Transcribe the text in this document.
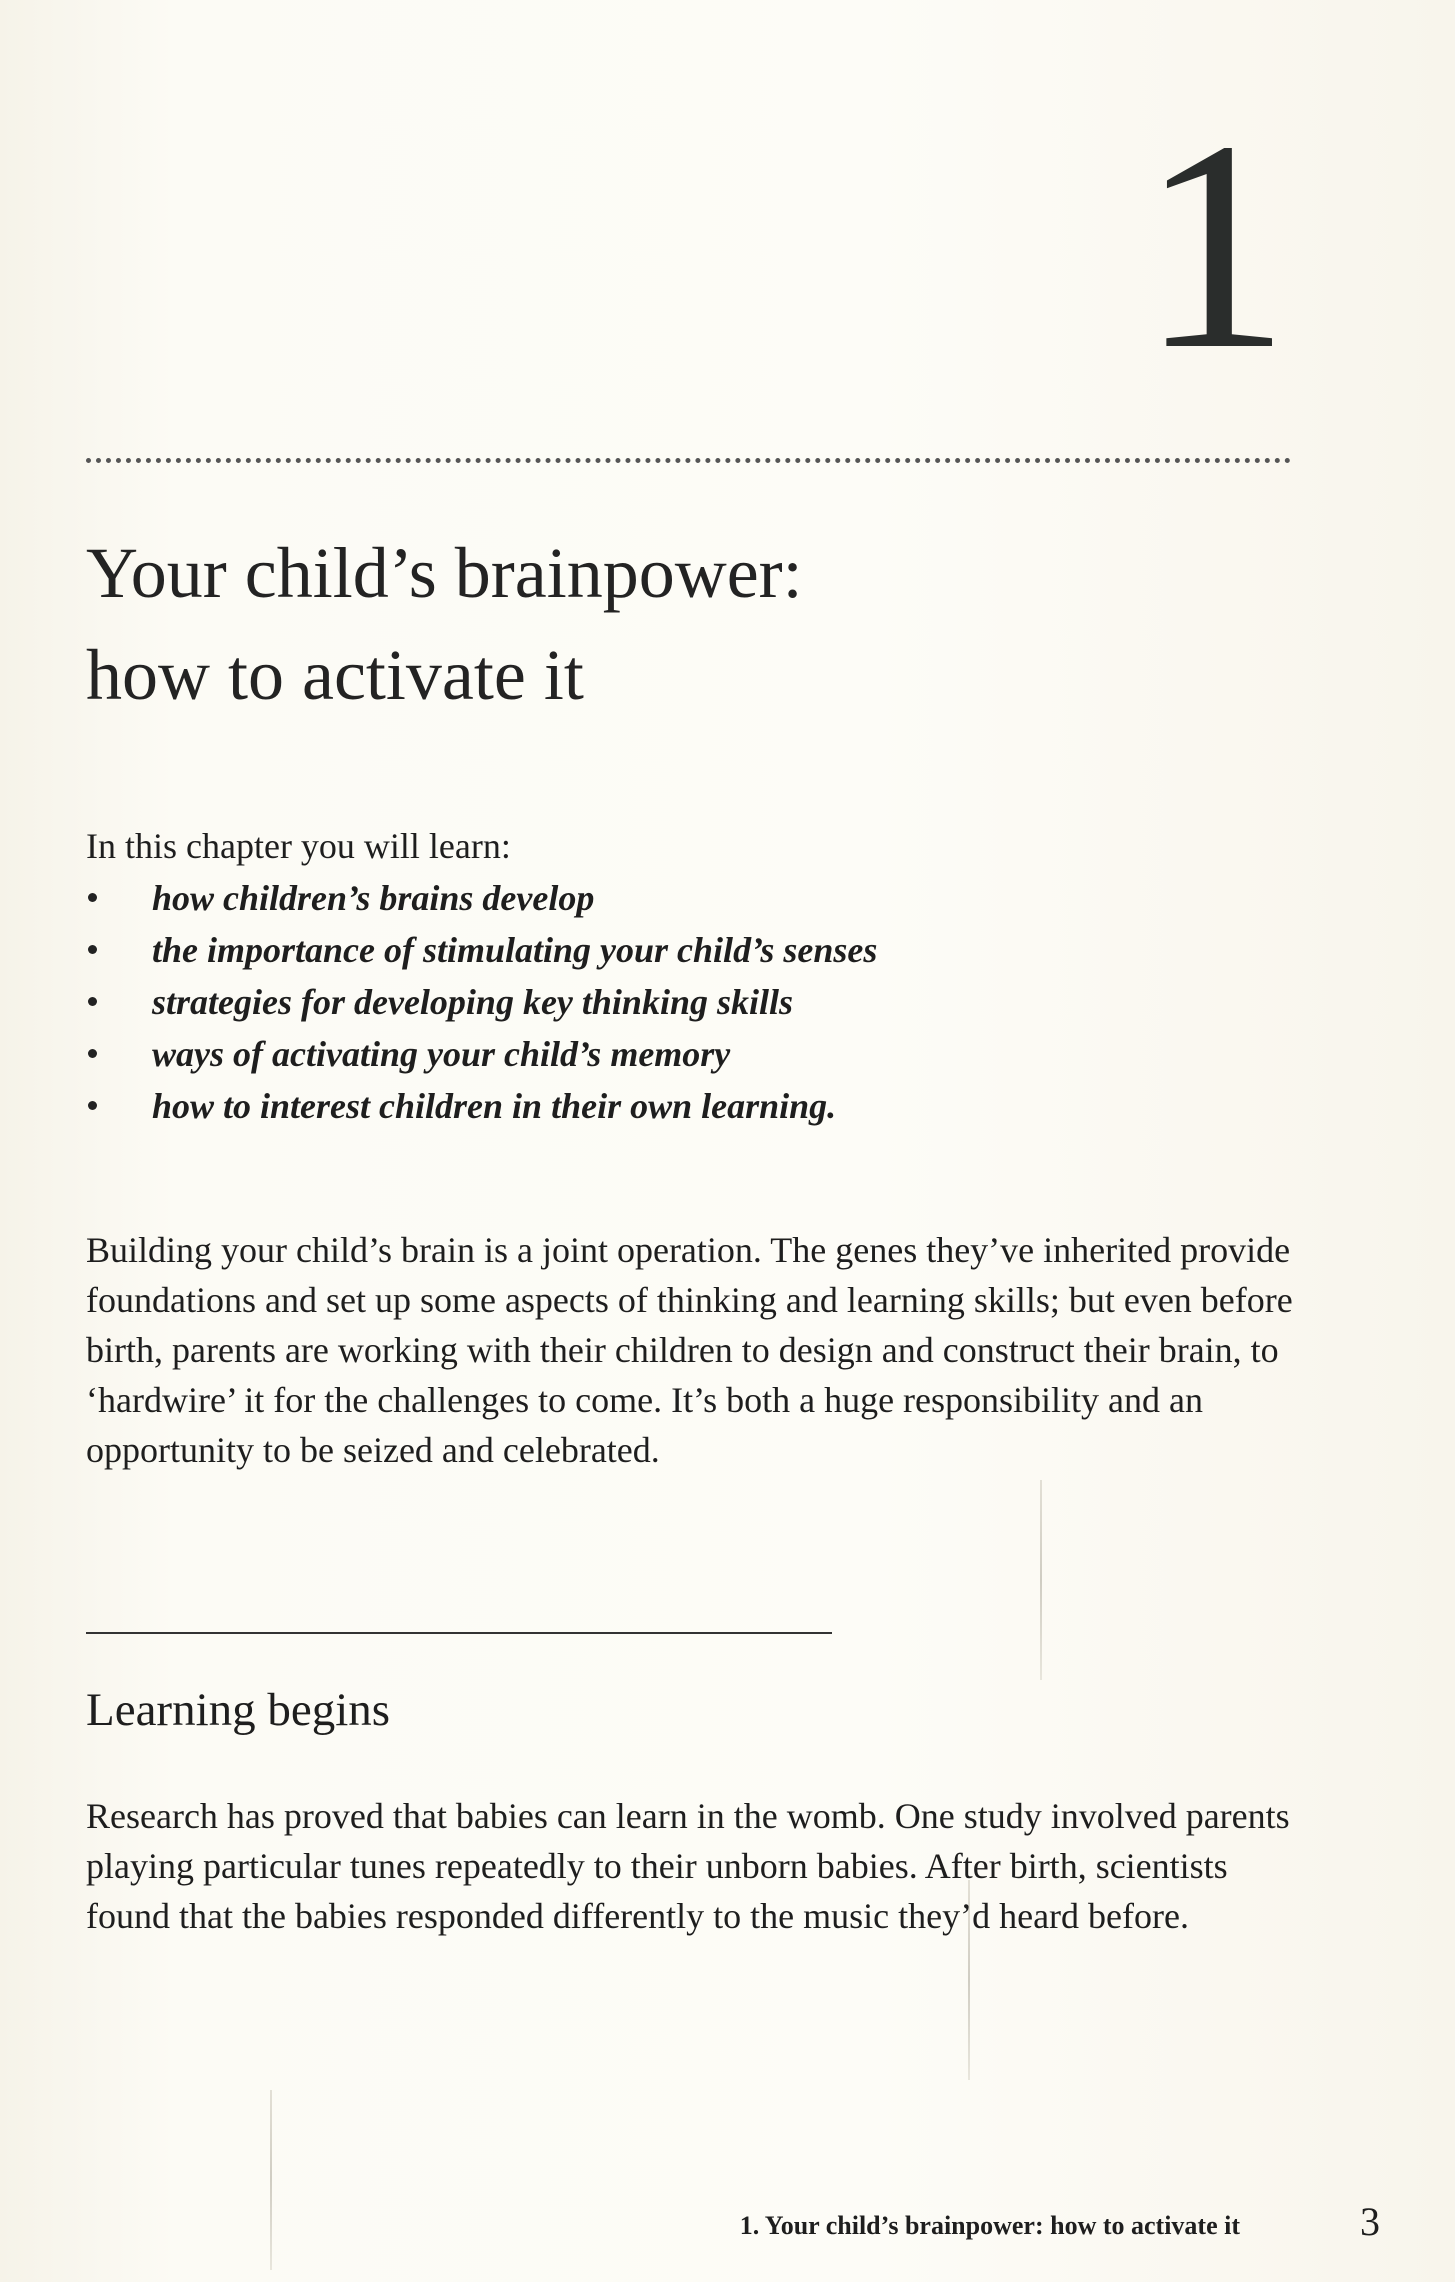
1
Your child’s brainpower:
how to activate it

In this chapter you will learn:

how children’s brains develop
the importance of stimulating your child’s senses
strategies for developing key thinking skills
ways of activating your child’s memory
how to interest children in their own learning.

Building your child’s brain is a joint operation. The genes they’ve inherited provide foundations and set up some aspects of thinking and learning skills; but even before birth, parents are working with their children to design and construct their brain, to ‘hardwire’ it for the challenges to come. It’s both a huge responsibility and an opportunity to be seized and celebrated.

Learning begins

Research has proved that babies can learn in the womb. One study involved parents playing particular tunes repeatedly to their unborn babies. After birth, scientists found that the babies responded differently to the music they’d heard before.

1. Your child’s brainpower: how to activate it	3
